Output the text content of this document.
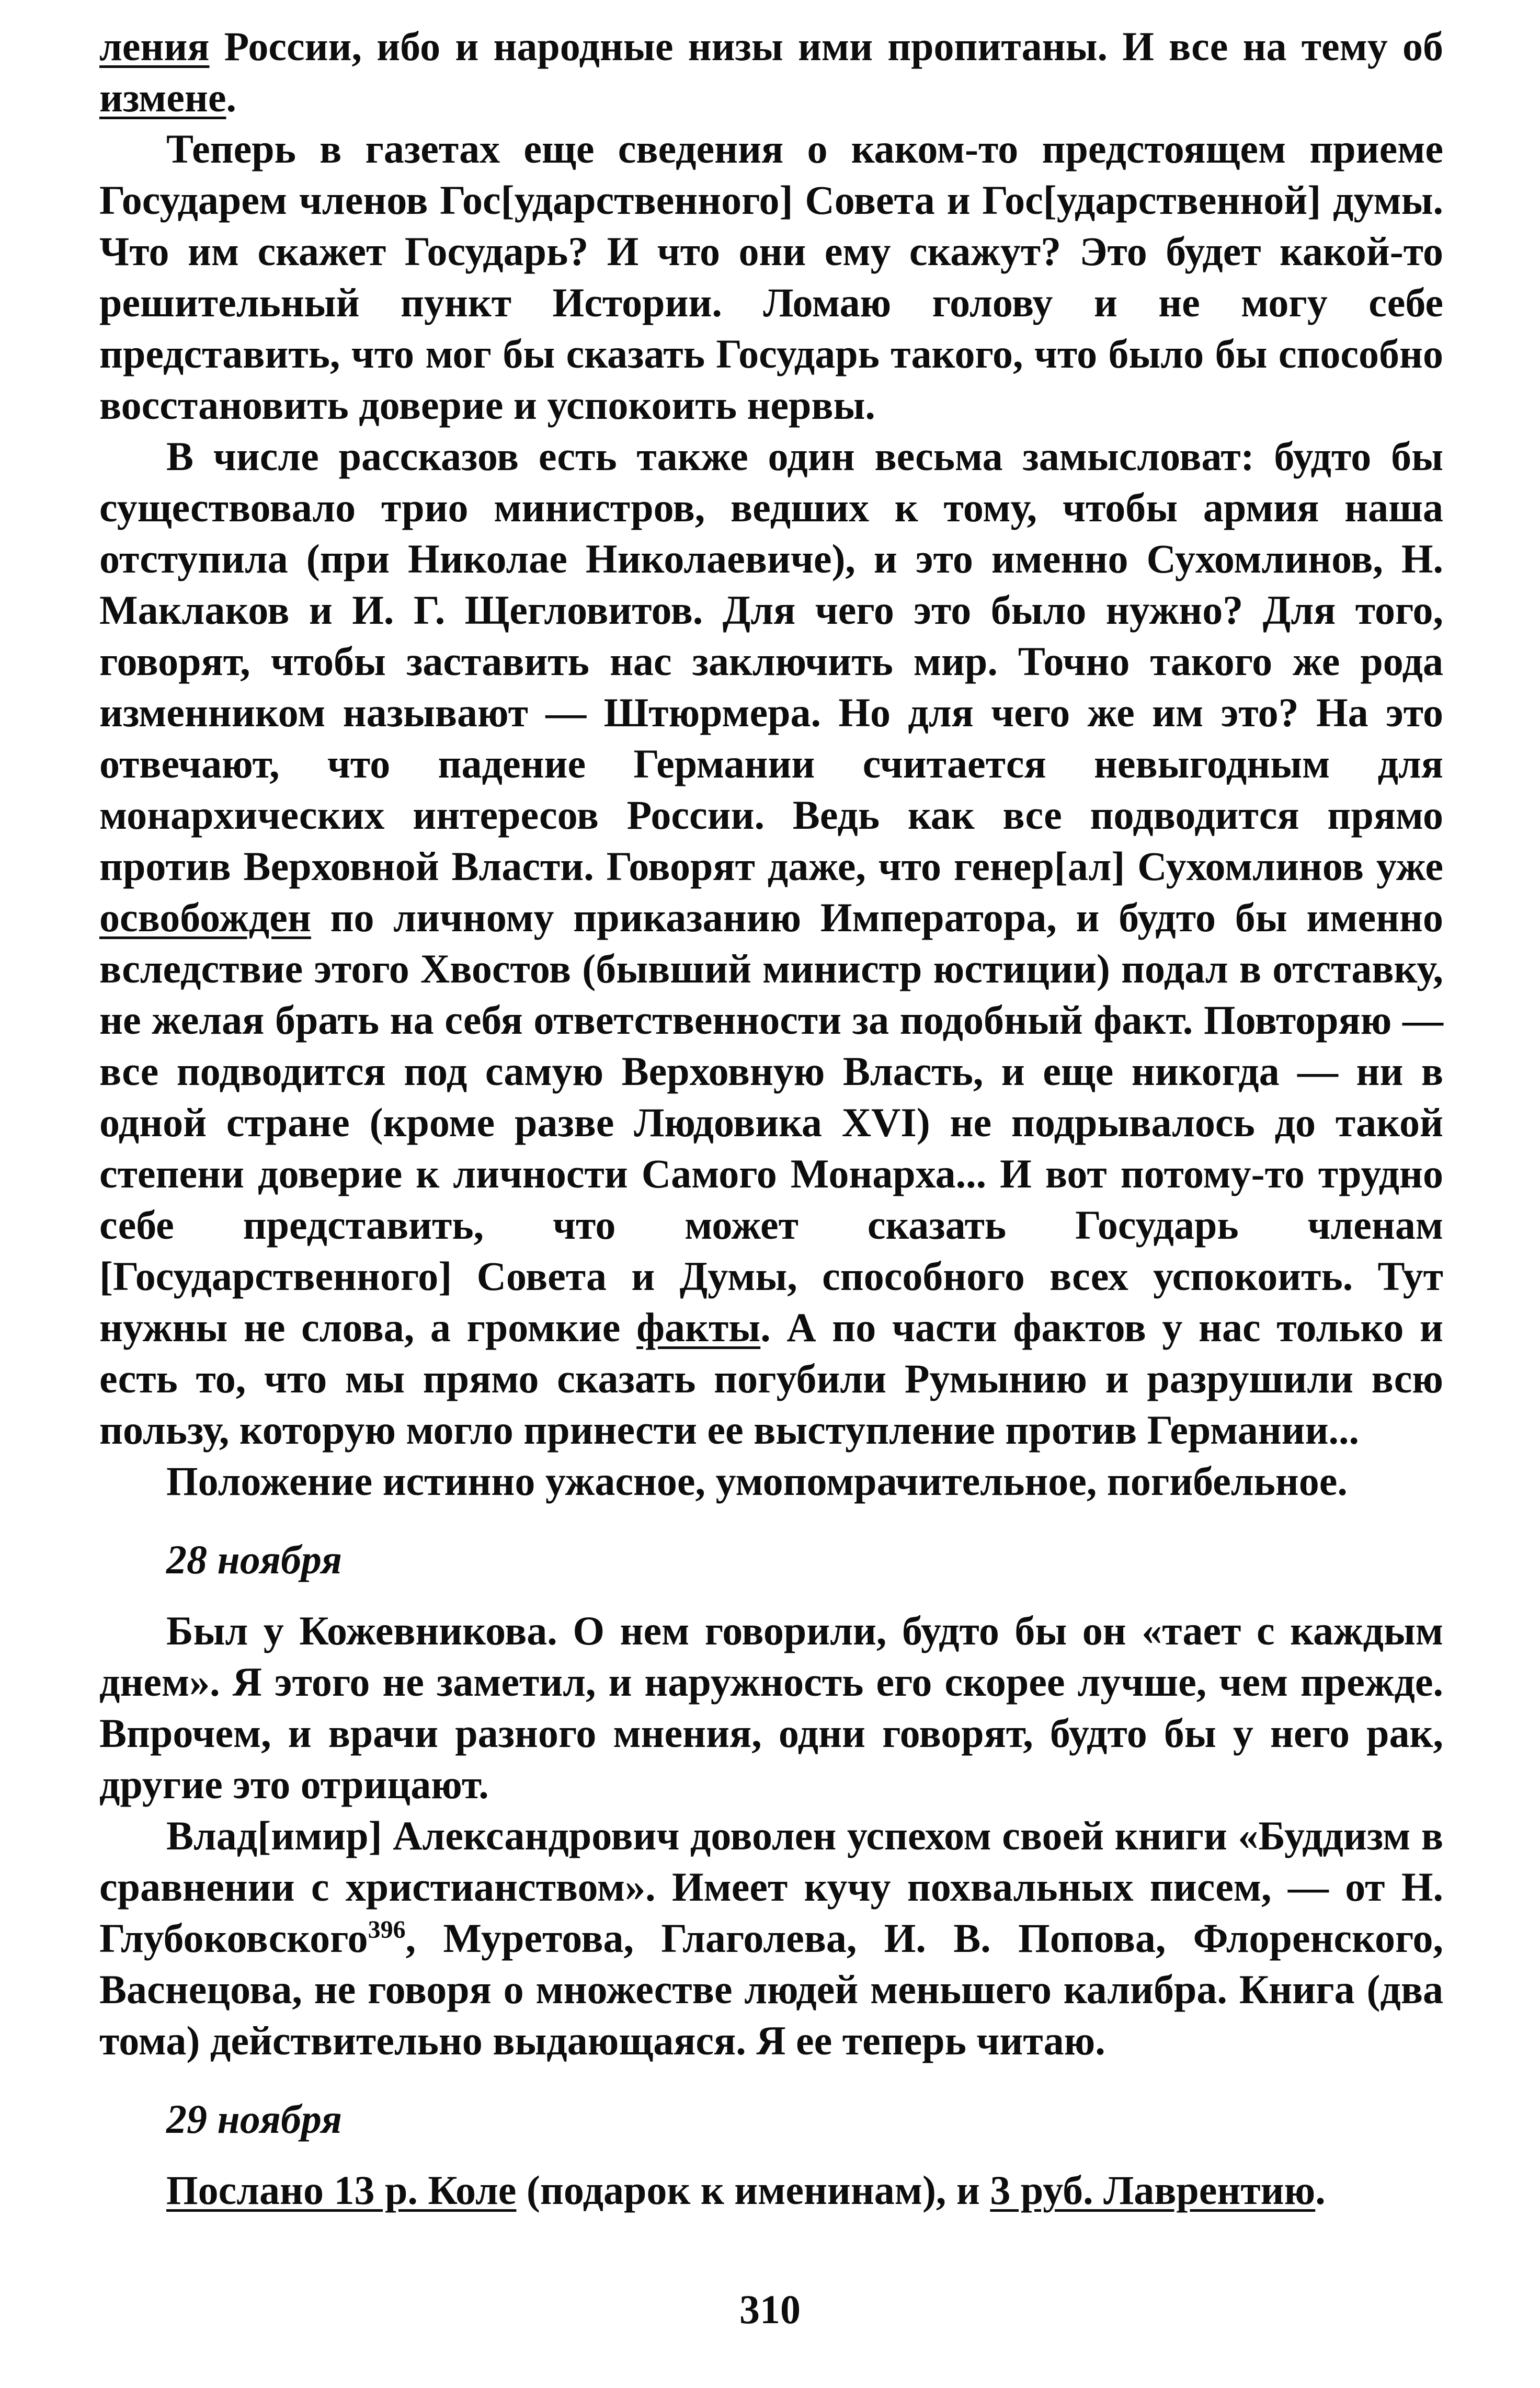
ления России, ибо и народные низы ими пропитаны. И все на тему об измене.

Теперь в газетах еще сведения о каком-то предстоящем приеме Государем членов Гос[ударственного] Совета и Гос[ударственной] думы. Что им скажет Государь? И что они ему скажут? Это будет какой-то решительный пункт Истории. Ломаю голову и не могу себе представить, что мог бы сказать Государь такого, что было бы способно восстановить доверие и успокоить нервы.

В числе рассказов есть также один весьма замысловат: будто бы существовало трио министров, ведших к тому, чтобы армия наша отступила (при Николае Николаевиче), и это именно Сухомлинов, Н. Маклаков и И. Г. Щегловитов. Для чего это было нужно? Для того, говорят, чтобы заставить нас заключить мир. Точно такого же рода изменником называют — Штюрмера. Но для чего же им это? На это отвечают, что падение Германии считается невыгодным для монархических интересов России. Ведь как все подводится прямо против Верховной Власти. Говорят даже, что генер[ал] Сухомлинов уже освобожден по личному приказанию Императора, и будто бы именно вследствие этого Хвостов (бывший министр юстиции) подал в отставку, не желая брать на себя ответственности за подобный факт. Повторяю — все подводится под самую Верховную Власть, и еще никогда — ни в одной стране (кроме разве Людовика XVI) не подрывалось до такой степени доверие к личности Самого Монарха... И вот потому-то трудно себе представить, что может сказать Государь членам [Государственного] Совета и Думы, способного всех успокоить. Тут нужны не слова, а громкие факты. А по части фактов у нас только и есть то, что мы прямо сказать погубили Румынию и разрушили всю пользу, которую могло принести ее выступление против Германии...

Положение истинно ужасное, умопомрачительное, погибельное.

28 ноября

Был у Кожевникова. О нем говорили, будто бы он «тает с каждым днем». Я этого не заметил, и наружность его скорее лучше, чем прежде. Впрочем, и врачи разного мнения, одни говорят, будто бы у него рак, другие это отрицают.

Влад[имир] Александрович доволен успехом своей книги «Буддизм в сравнении с христианством». Имеет кучу похвальных писем, — от Н. Глубоковского$^{396}$, Муретова, Глаголева, И. В. Попова, Флоренского, Васнецова, не говоря о множестве людей меньшего калибра. Книга (два тома) действительно выдающаяся. Я ее теперь читаю.

29 ноября

Послано 13 р. Коле (подарок к именинам), и 3 руб. Лаврентию.

310
